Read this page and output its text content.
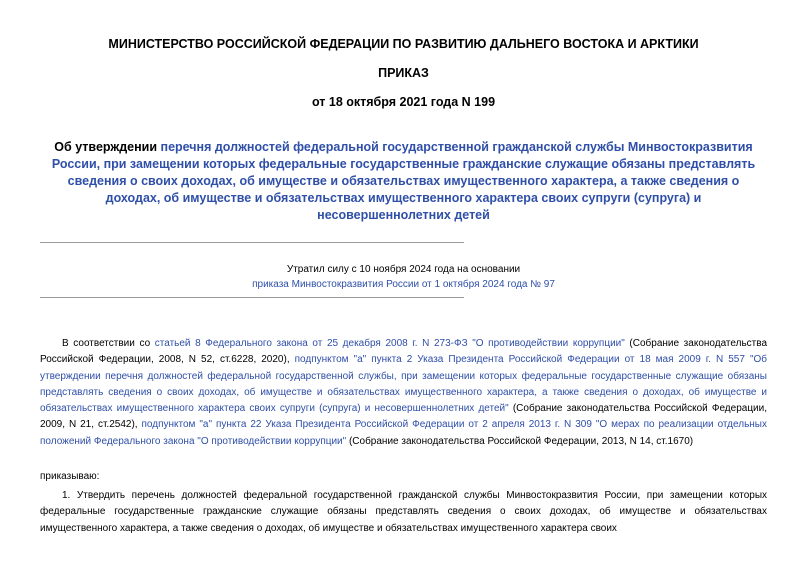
МИНИСТЕРСТВО РОССИЙСКОЙ ФЕДЕРАЦИИ ПО РАЗВИТИЮ ДАЛЬНЕГО ВОСТОКА И АРКТИКИ
ПРИКАЗ
от 18 октября 2021 года N 199
Об утверждении перечня должностей федеральной государственной гражданской службы Минвостокразвития России, при замещении которых федеральные государственные гражданские служащие обязаны представлять сведения о своих доходах, об имуществе и обязательствах имущественного характера, а также сведения о доходах, об имуществе и обязательствах имущественного характера своих супруги (супруга) и несовершеннолетних детей
Утратил силу с 10 ноября 2024 года на основании
приказа Минвостокразвития России от 1 октября 2024 года № 97
В соответствии со статьей 8 Федерального закона от 25 декабря 2008 г. N 273-ФЗ "О противодействии коррупции" (Собрание законодательства Российской Федерации, 2008, N 52, ст.6228, 2020), подпунктом "а" пункта 2 Указа Президента Российской Федерации от 18 мая 2009 г. N 557 "Об утверждении перечня должностей федеральной государственной службы, при замещении которых федеральные государственные служащие обязаны представлять сведения о своих доходах, об имуществе и обязательствах имущественного характера, а также сведения о доходах, об имуществе и обязательствах имущественного характера своих супруги (супруга) и несовершеннолетних детей" (Собрание законодательства Российской Федерации, 2009, N 21, ст.2542), подпунктом "а" пункта 22 Указа Президента Российской Федерации от 2 апреля 2013 г. N 309 "О мерах по реализации отдельных положений Федерального закона "О противодействии коррупции" (Собрание законодательства Российской Федерации, 2013, N 14, ст.1670)
приказываю:
1. Утвердить перечень должностей федеральной государственной гражданской службы Минвостокразвития России, при замещении которых федеральные государственные гражданские служащие обязаны представлять сведения о своих доходах, об имуществе и обязательствах имущественного характера, а также сведения о доходах, об имуществе и обязательствах имущественного характера своих
